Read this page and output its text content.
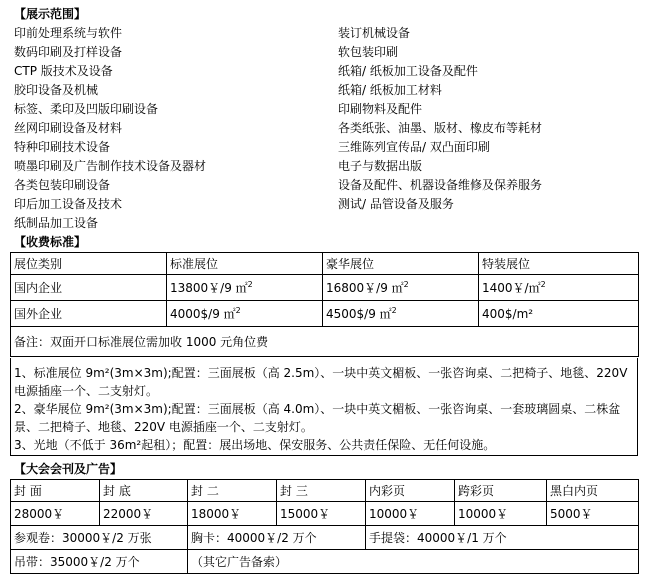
【展示范围】
印前处理系统与软件
数码印刷及打样设备
CTP 版技术及设备
胶印设备及机械
标签、柔印及凹版印刷设备
丝网印刷设备及材料
特种印刷技术设备
喷墨印刷及广告制作技术设备及器材
各类包装印刷设备
印后加工设备及技术
纸制品加工设备
装订机械设备
软包装印刷
纸箱/ 纸板加工设备及配件
纸箱/ 纸板加工材料
印刷物料及配件
各类纸张、油墨、版材、橡皮布等耗材
三维陈列宣传品/ 双凸面印刷
电子与数据出版
设备及配件、机器设备维修及保养服务
测试/ 品管设备及服务
【收费标准】
展位类别	标准展位	豪华展位	特装展位
国内企业	13800￥/9 ㎡$^2$	16800￥/9 ㎡$^2$	1400￥/㎡$^2$
国外企业	4000$/9 ㎡$^2$	4500$/9 ㎡$^2$	400$/m²
备注：双面开口标准展位需加收 1000 元角位费			
1、标准展位 9m²(3m×3m);配置：三面展板（高 2.5m）、一块中英文楣板、一张咨询桌、二把椅子、地毯、220V
电源插座一个、二支射灯。
2、豪华展位 9m²(3m×3m);配置：三面展板（高 4.0m）、一块中英文楣板、一张咨询桌、一套玻璃圆桌、二株盆
景、二把椅子、地毯、220V 电源插座一个、二支射灯。
3、光地（不低于 36m²起租）；配置：展出场地、保安服务、公共责任保险、无任何设施。
【大会会刊及广告】
封 面	封 底	封 二	封 三	内彩页	跨彩页	黑白内页
28000￥	22000￥	18000￥	15000￥	10000￥	10000￥	5000￥
参观卷：30000￥/2 万张		胸卡：40000￥/2 万个		手提袋：40000￥/1 万个		
吊带：35000￥/2 万个		（其它广告备索）				
